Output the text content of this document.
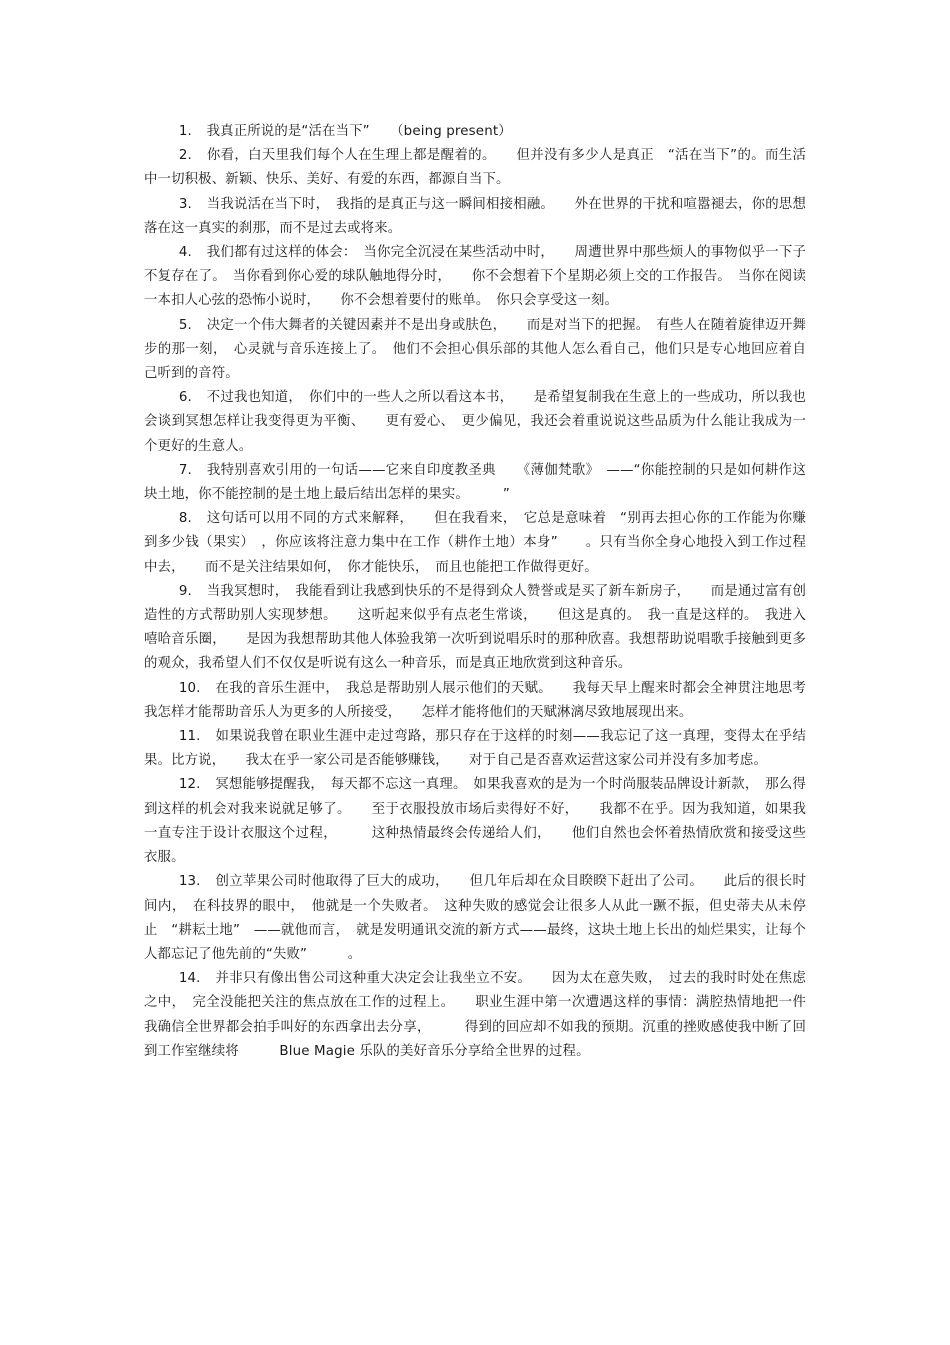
1. 我真正所说的是“活在当下”　　（being present）

2. 你看，白天里我们每个人在生理上都是醒着的。　　但并没有多少人是真正　“活在当下”的。而生活中一切积极、新颖、快乐、美好、有爱的东西，都源自当下。

3. 当我说活在当下时，　我指的是真正与这一瞬间相接相融。　　外在世界的干扰和喧嚣褪去，你的思想落在这一真实的刹那，而不是过去或将来。

4. 我们都有过这样的体会：　当你完全沉浸在某些活动中时，　　周遭世界中那些烦人的事物似乎一下子不复存在了。　当你看到你心爱的球队触地得分时，　　你不会想着下个星期必须上交的工作报告。　当你在阅读一本扣人心弦的恐怖小说时，　　你不会想着要付的账单。　你只会享受这一刻。

5. 决定一个伟大舞者的关键因素并不是出身或肤色，　　而是对当下的把握。　有些人在随着旋律迈开舞步的那一刻，　心灵就与音乐连接上了。　他们不会担心俱乐部的其他人怎么看自己，他们只是专心地回应着自己听到的音符。

6. 不过我也知道，　你们中的一些人之所以看这本书，　　是希望复制我在生意上的一些成功，所以我也会谈到冥想怎样让我变得更为平衡、　　更有爱心、　更少偏见，我还会着重说说这些品质为什么能让我成为一个更好的生意人。

7. 我特别喜欢引用的一句话——它来自印度教圣典　　《薄伽梵歌》　——“你能控制的只是如何耕作这块土地，你不能控制的是土地上最后结出怎样的果实。　　　”

8. 这句话可以用不同的方式来解释，　　但在我看来，　它总是意味着　“别再去担心你的工作能为你赚到多少钱（果实）　，你应该将注意力集中在工作（耕作土地）本身”　　。只有当你全身心地投入到工作过程中去，　　而不是关注结果如何，　你才能快乐，　而且也能把工作做得更好。

9. 当我冥想时，　我能看到让我感到快乐的不是得到众人赞誉或是买了新车新房子，　　而是通过富有创造性的方式帮助别人实现梦想。　　这听起来似乎有点老生常谈，　　但这是真的。　我一直是这样的。　我进入嘻哈音乐圈，　　是因为我想帮助其他人体验我第一次听到说唱乐时的那种欣喜。我想帮助说唱歌手接触到更多的观众，我希望人们不仅仅是听说有这么一种音乐，而是真正地欣赏到这种音乐。

10. 在我的音乐生涯中，　我总是帮助别人展示他们的天赋。　　我每天早上醒来时都会全神贯注地思考我怎样才能帮助音乐人为更多的人所接受，　　怎样才能将他们的天赋淋漓尽致地展现出来。

11. 如果说我曾在职业生涯中走过弯路，那只存在于这样的时刻——我忘记了这一真理，变得太在乎结果。比方说，　　我太在乎一家公司是否能够赚钱，　　对于自己是否喜欢运营这家公司并没有多加考虑。

12. 冥想能够提醒我，　每天都不忘这一真理。　如果我喜欢的是为一个时尚服装品牌设计新款，　那么得到这样的机会对我来说就足够了。　　至于衣服投放市场后卖得好不好，　　我都不在乎。因为我知道，如果我一直专注于设计衣服这个过程，　　　这种热情最终会传递给人们，　　他们自然也会怀着热情欣赏和接受这些衣服。

13. 创立苹果公司时他取得了巨大的成功，　　但几年后却在众目睽睽下赶出了公司。　　此后的很长时间内，　在科技界的眼中，　他就是一个失败者。　这种失败的感觉会让很多人从此一蹶不振，但史蒂夫从未停止　“耕耘土地”　——就他而言，　就是发明通讯交流的新方式——最终，这块土地上长出的灿烂果实，让每个人都忘记了他先前的“失败”　　　。

14. 并非只有像出售公司这种重大决定会让我坐立不安。　　因为太在意失败，　过去的我时时处在焦虑之中，　完全没能把关注的焦点放在工作的过程上。　　职业生涯中第一次遭遇这样的事情：满腔热情地把一件我确信全世界都会拍手叫好的东西拿出去分享，　　　得到的回应却不如我的预期。沉重的挫败感使我中断了回到工作室继续将　　　Blue Magie 乐队的美好音乐分享给全世界的过程。
